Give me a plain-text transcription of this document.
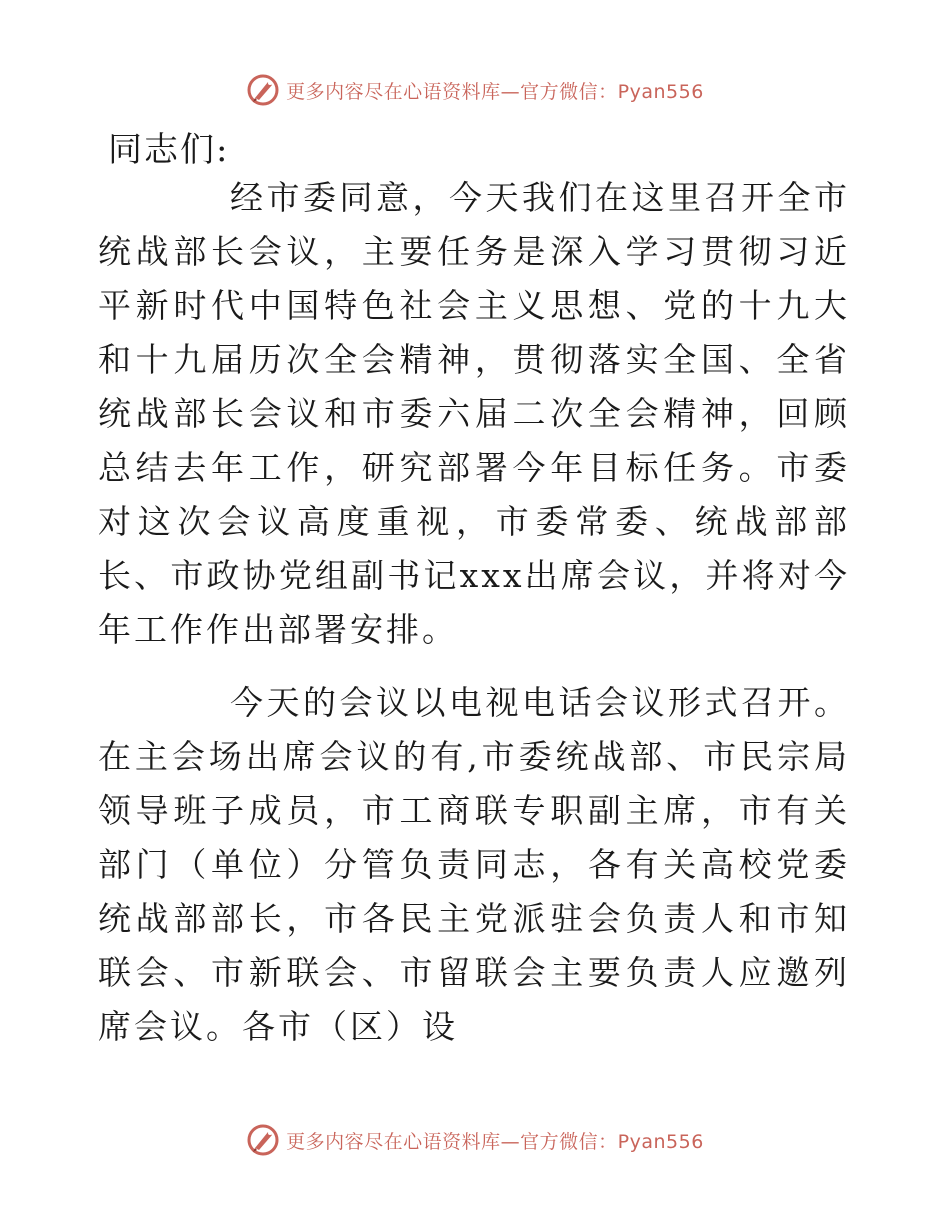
更多内容尽在心语资料库—官方微信：Pyan556
同志们:

经市委同意，今天我们在这里召开全市统战部长会议，主要任务是深入学习贯彻习近平新时代中国特色社会主义思想、党的十九大和十九届历次全会精神，贯彻落实全国、全省统战部长会议和市委六届二次全会精神，回顾总结去年工作，研究部署今年目标任务。市委对这次会议高度重视，市委常委、统战部部长、市政协党组副书记xxx出席会议，并将对今年工作作出部署安排。

今天的会议以电视电话会议形式召开。在主会场出席会议的有,市委统战部、市民宗局领导班子成员，市工商联专职副主席，市有关部门（单位）分管负责同志，各有关高校党委统战部部长，市各民主党派驻会负责人和市知联会、市新联会、市留联会主要负责人应邀列席会议。各市（区）设

更多内容尽在心语资料库—官方微信：Pyan556
